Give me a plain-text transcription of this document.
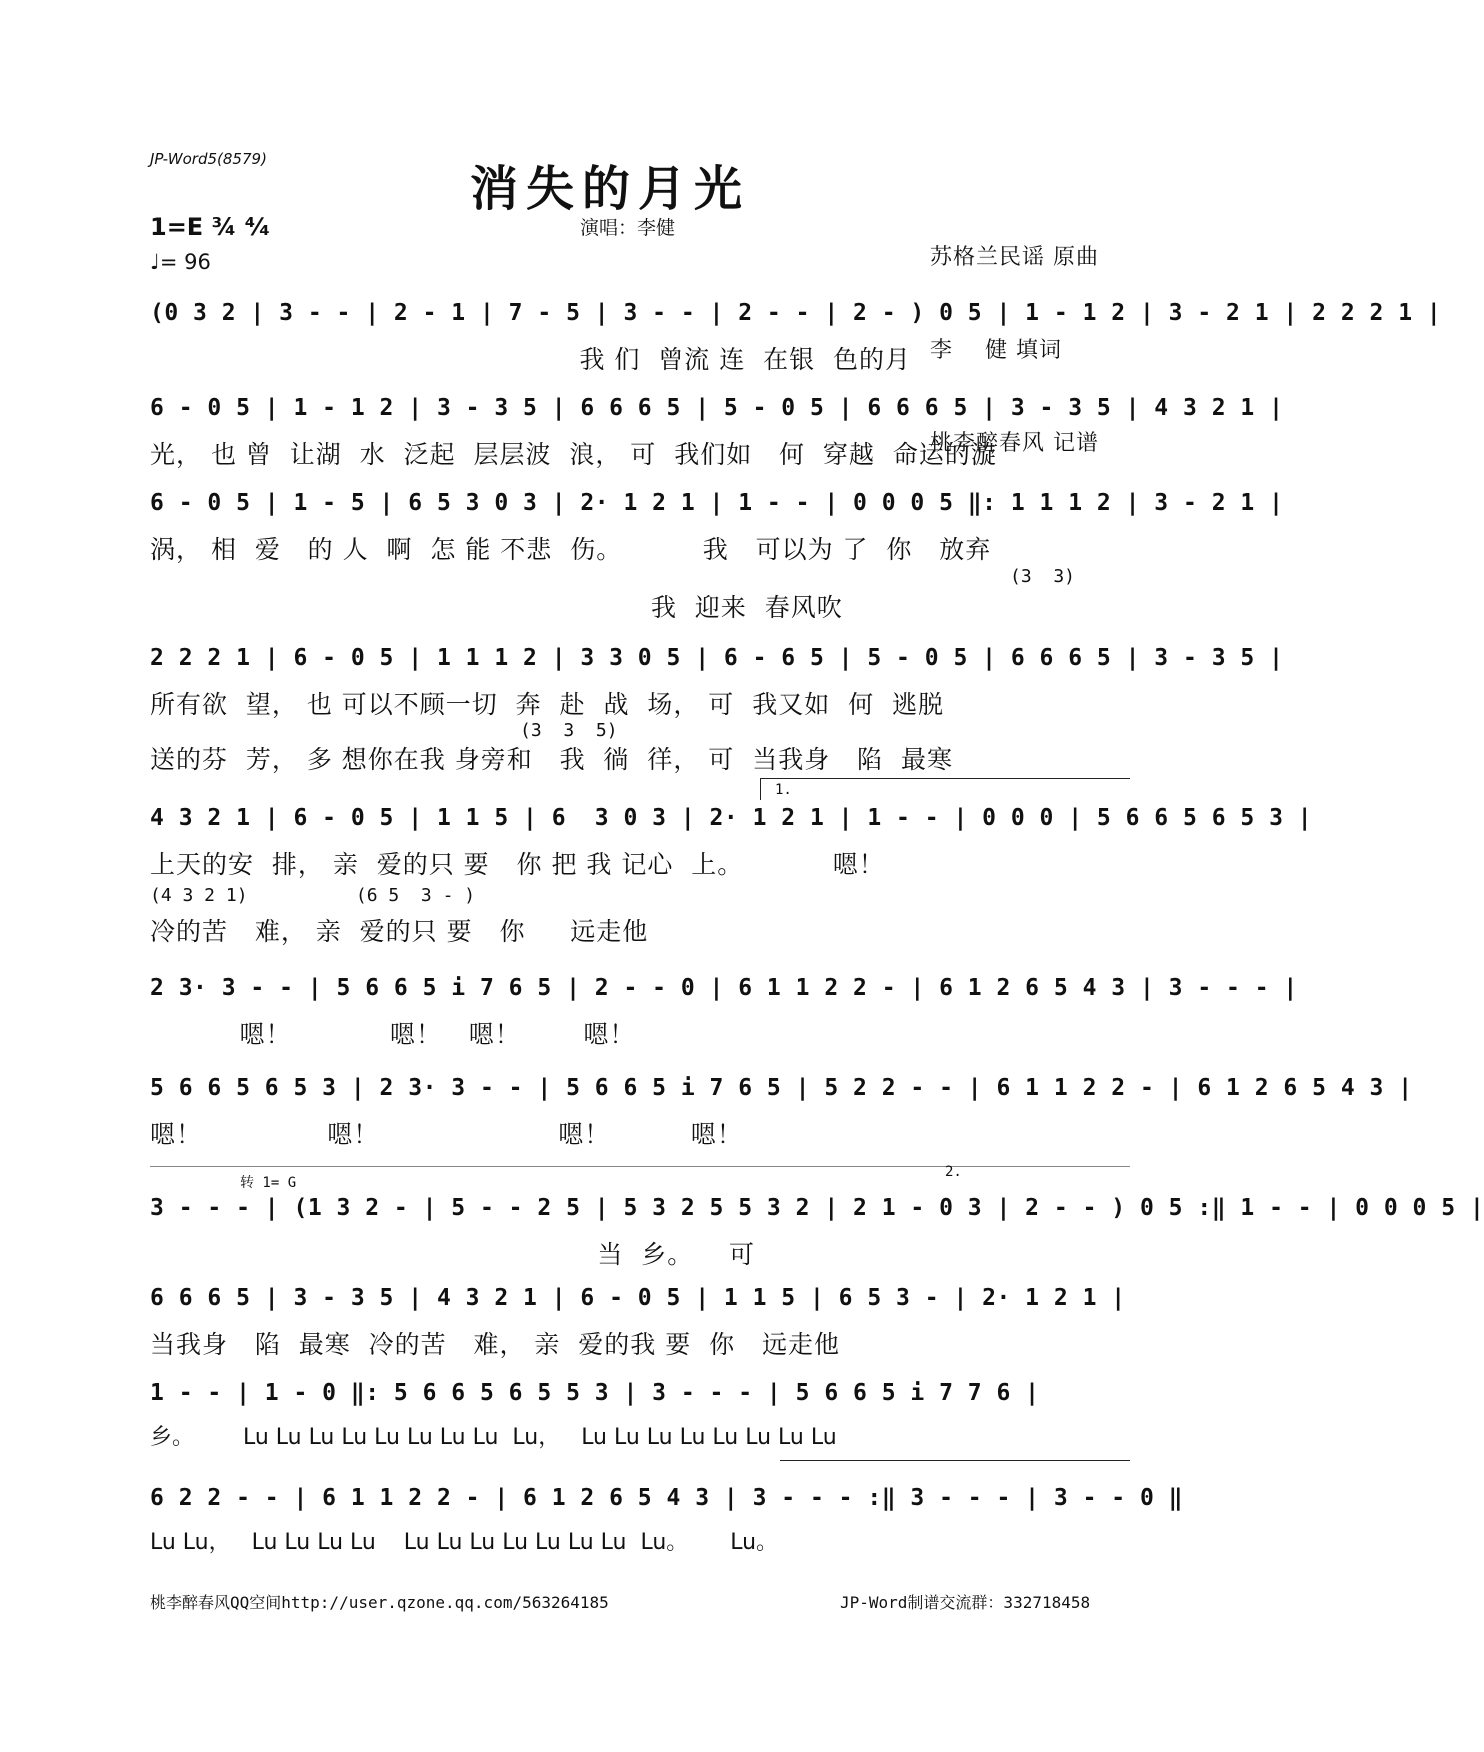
JP-Word5(8579)
消失的月光
演唱：李健

苏格兰民谣 原曲

李    健 填词

桃李醉春风 记谱

1=E ¾ ⁴⁄₄
♩= 96
(0 3 2 | 3 - - | 2 - 1 | 7 - 5 | 3 - - | 2 - - | 2 - ) 0 5 | 1 - 1 2 | 3 - 2 1 | 2 2 2 1 |
我 们  曾流 连  在银  色的月
6 - 0 5 | 1 - 1 2 | 3 - 3 5 | 6 6 6 5 | 5 - 0 5 | 6 6 6 5 | 3 - 3 5 | 4 3 2 1 |
光， 也 曾  让湖  水  泛起  层层波  浪， 可  我们如   何  穿越  命运的漩
6 - 0 5 | 1 - 5 | 6 5 3 0 3 | 2· 1 2 1 | 1 - - | 0 0 0 5 ‖: 1 1 1 2 | 3 - 2 1 |
涡， 相  爱   的 人  啊  怎 能 不悲  伤。         我   可以为 了  你   放弃
(3  3)
我  迎来  春风吹
2 2 2 1 | 6 - 0 5 | 1 1 1 2 | 3 3 0 5 | 6 - 6 5 | 5 - 0 5 | 6 6 6 5 | 3 - 3 5 |
所有欲  望， 也 可以不顾一切  奔  赴  战  场， 可  我又如  何  逃脱
(3  3  5)
送的芬  芳， 多 想你在我 身旁和   我  徜  徉， 可  当我身   陷  最寒
1.
4 3 2 1 | 6 - 0 5 | 1 1 5 | 6  3 0 3 | 2· 1 2 1 | 1 - - | 0 0 0 | 5 6 6 5 6 5 3 |
上天的安  排， 亲  爱的只 要   你 把 我 记心  上。          嗯！
(4 3 2 1)          (6 5  3 - )
冷的苦   难， 亲  爱的只 要   你     远走他
2 3· 3 - - | 5 6 6 5 i 7 6 5 | 2 - - 0 | 6 1 1 2 2 - | 6 1 2 6 5 4 3 | 3 - - - |
嗯！           嗯！   嗯！       嗯！
5 6 6 5 6 5 3 | 2 3· 3 - - | 5 6 6 5 i 7 6 5 | 5 2 2 - - | 6 1 1 2 2 - | 6 1 2 6 5 4 3 |
嗯！              嗯！                    嗯！         嗯！
转 1= G
2.
3 - - - | (1 3 2 - | 5 - - 2 5 | 5 3 2 5 5 3 2 | 2 1 - 0 3 | 2 - - ) 0 5 :‖ 1 - - | 0 0 0 5 |
当  乡。    可
6 6 6 5 | 3 - 3 5 | 4 3 2 1 | 6 - 0 5 | 1 1 5 | 6 5 3 - | 2· 1 2 1 |
当我身   陷  最寒  冷的苦   难， 亲  爱的我 要  你   远走他
1 - - | 1 - 0 ‖: 5 6 6 5 6 5 5 3 | 3 - - - | 5 6 6 5 i 7 7 6 |
乡。       Lu Lu Lu Lu Lu Lu Lu Lu  Lu，   Lu Lu Lu Lu Lu Lu Lu Lu
6 2 2 - - | 6 1 1 2 2 - | 6 1 2 6 5 4 3 | 3 - - - :‖ 3 - - - | 3 - - 0 ‖
Lu Lu，   Lu Lu Lu Lu    Lu Lu Lu Lu Lu Lu Lu  Lu。      Lu。
桃李醉春风QQ空间http://user.qzone.qq.com/563264185	JP-Word制谱交流群：332718458
